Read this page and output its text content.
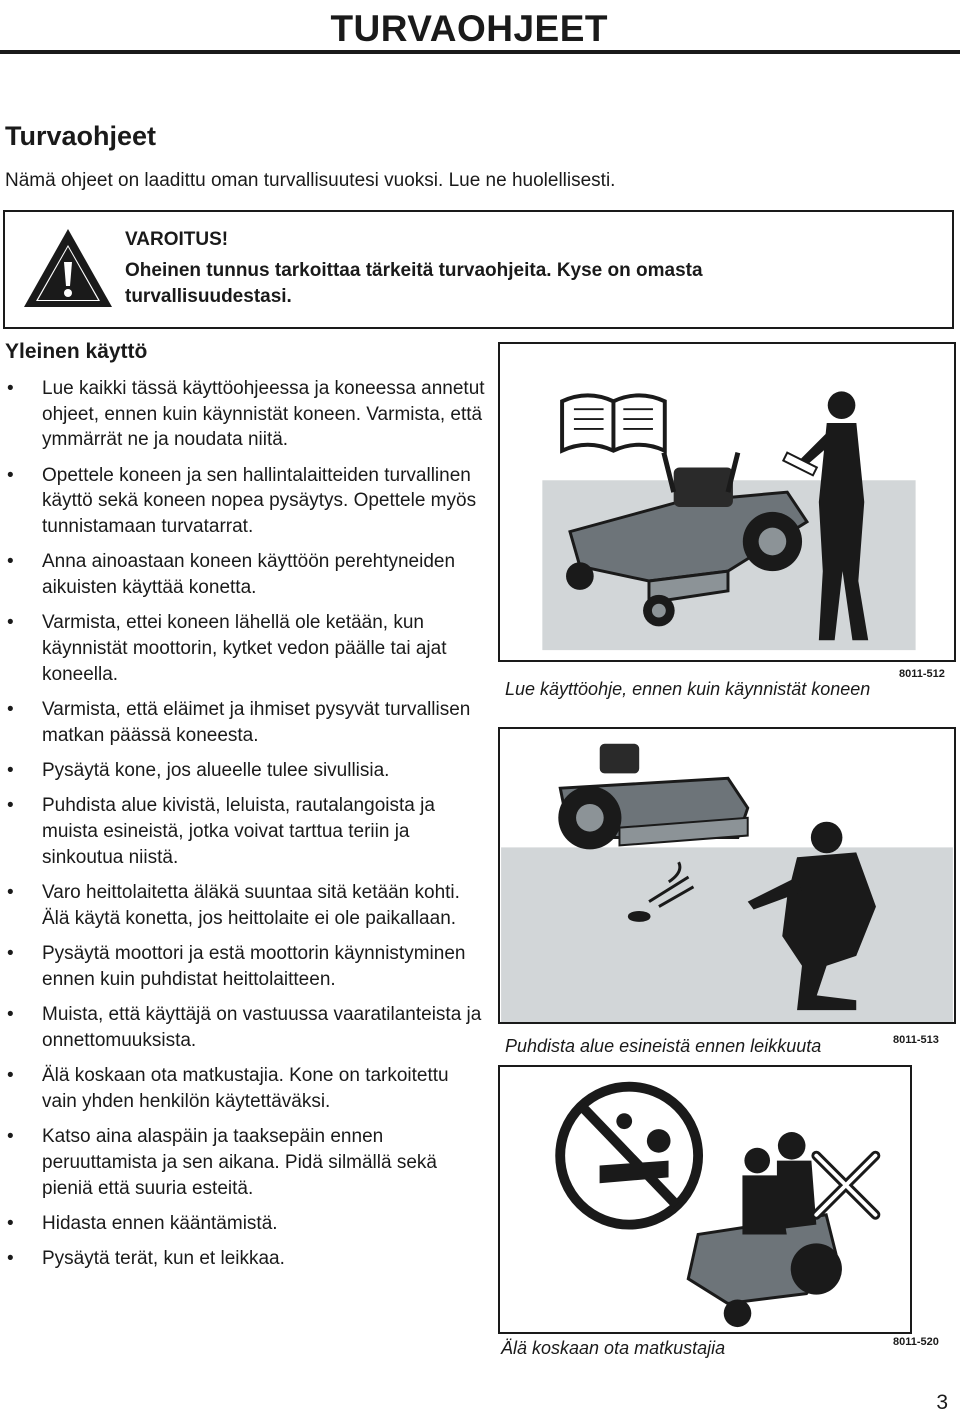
TURVAOHJEET
Turvaohjeet
Nämä ohjeet on laadittu oman turvallisuutesi vuoksi. Lue ne huolellisesti.
VAROITUS!
Oheinen tunnus tarkoittaa tärkeitä turvaohjeita. Kyse on omasta turvallisuudestasi.
Yleinen käyttö
• Lue kaikki tässä käyttöohjeessa ja koneessa annetut ohjeet, ennen kuin käynnistät koneen. Varmista, että ymmärrät ne ja noudata niitä.
• Opettele koneen ja sen hallintalaitteiden turvallinen käyttö sekä koneen nopea pysäytys. Opettele myös tunnistamaan turvatarrat.
• Anna ainoastaan koneen käyttöön perehtyneiden aikuisten käyttää konetta.
• Varmista, ettei koneen lähellä ole ketään, kun käynnistät moottorin, kytket vedon päälle tai ajat koneella.
• Varmista, että eläimet ja ihmiset pysyvät turvallisen matkan päässä koneesta.
• Pysäytä kone, jos alueelle tulee sivullisia.
• Puhdista alue kivistä, leluista, rautalangoista ja muista esineistä, jotka voivat tarttua teriin ja sinkoutua niistä.
• Varo heittolaitetta äläkä suuntaa sitä ketään kohti. Älä käytä konetta, jos heittolaite ei ole paikallaan.
• Pysäytä moottori ja estä moottorin käynnistyminen ennen kuin puhdistat heittolaitteen.
• Muista, että käyttäjä on vastuussa vaaratilanteista ja onnettomuuksista.
• Älä koskaan ota matkustajia. Kone on tarkoitettu vain yhden henkilön käytettäväksi.
• Katso aina alaspäin ja taaksepäin ennen peruuttamista ja sen aikana. Pidä silmällä sekä pieniä että suuria esteitä.
• Hidasta ennen kääntämistä.
• Pysäytä terät, kun et leikkaa.
Lue käyttöohje, ennen kuin käynnistät koneen
8011-512
Puhdista alue esineistä ennen leikkuuta	8011-513
Älä koskaan ota matkustajia	8011-520
3
